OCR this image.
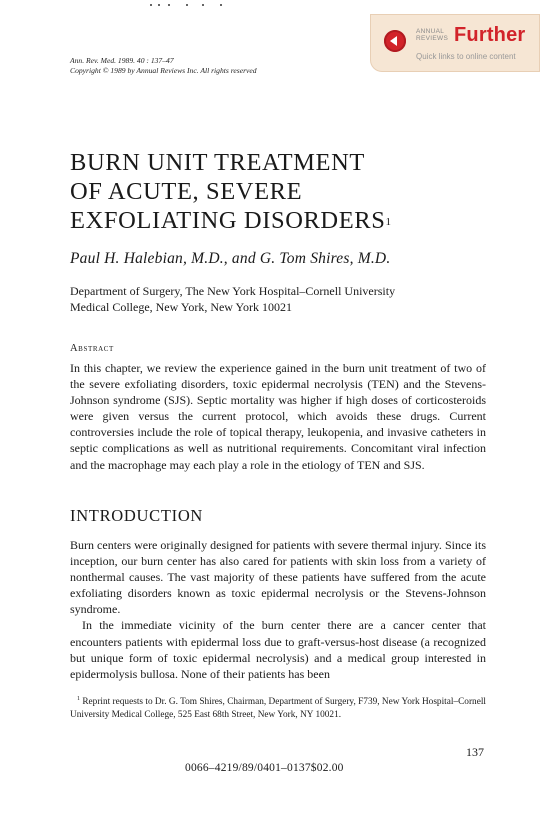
ANNUAL
REVIEWS Further
Quick links to online content
Ann. Rev. Med. 1989. 40 : 137–47
Copyright © 1989 by Annual Reviews Inc. All rights reserved
BURN UNIT TREATMENT
OF ACUTE, SEVERE
EXFOLIATING DISORDERS$^1$
Paul H. Halebian, M.D., and G. Tom Shires, M.D.
Department of Surgery, The New York Hospital–Cornell University
Medical College, New York, New York 10021
Abstract
In this chapter, we review the experience gained in the burn unit treatment of two of the severe exfoliating disorders, toxic epidermal necrolysis (TEN) and the Stevens-Johnson syndrome (SJS). Septic mortality was higher if high doses of corticosteroids were given versus the current protocol, which avoids these drugs. Current controversies include the role of topical therapy, leukopenia, and invasive catheters in septic complications as well as nutritional requirements. Concomitant viral infection and the macrophage may each play a role in the etiology of TEN and SJS.
INTRODUCTION

Burn centers were originally designed for patients with severe thermal injury. Since its inception, our burn center has also cared for patients with skin loss from a variety of nonthermal causes. The vast majority of these patients have suffered from the acute exfoliating disorders known as toxic epidermal necrolysis or the Stevens-Johnson syndrome.

In the immediate vicinity of the burn center there are a cancer center that encounters patients with epidermal loss due to graft-versus-host disease (a recognized but unique form of toxic epidermal necrolysis) and a medical group interested in epidermolysis bullosa. None of their patients has been

$^1$ Reprint requests to Dr. G. Tom Shires, Chairman, Department of Surgery, F739, New York Hospital–Cornell University Medical College, 525 East 68th Street, New York, NY 10021.
137
0066–4219/89/0401–0137$02.00
